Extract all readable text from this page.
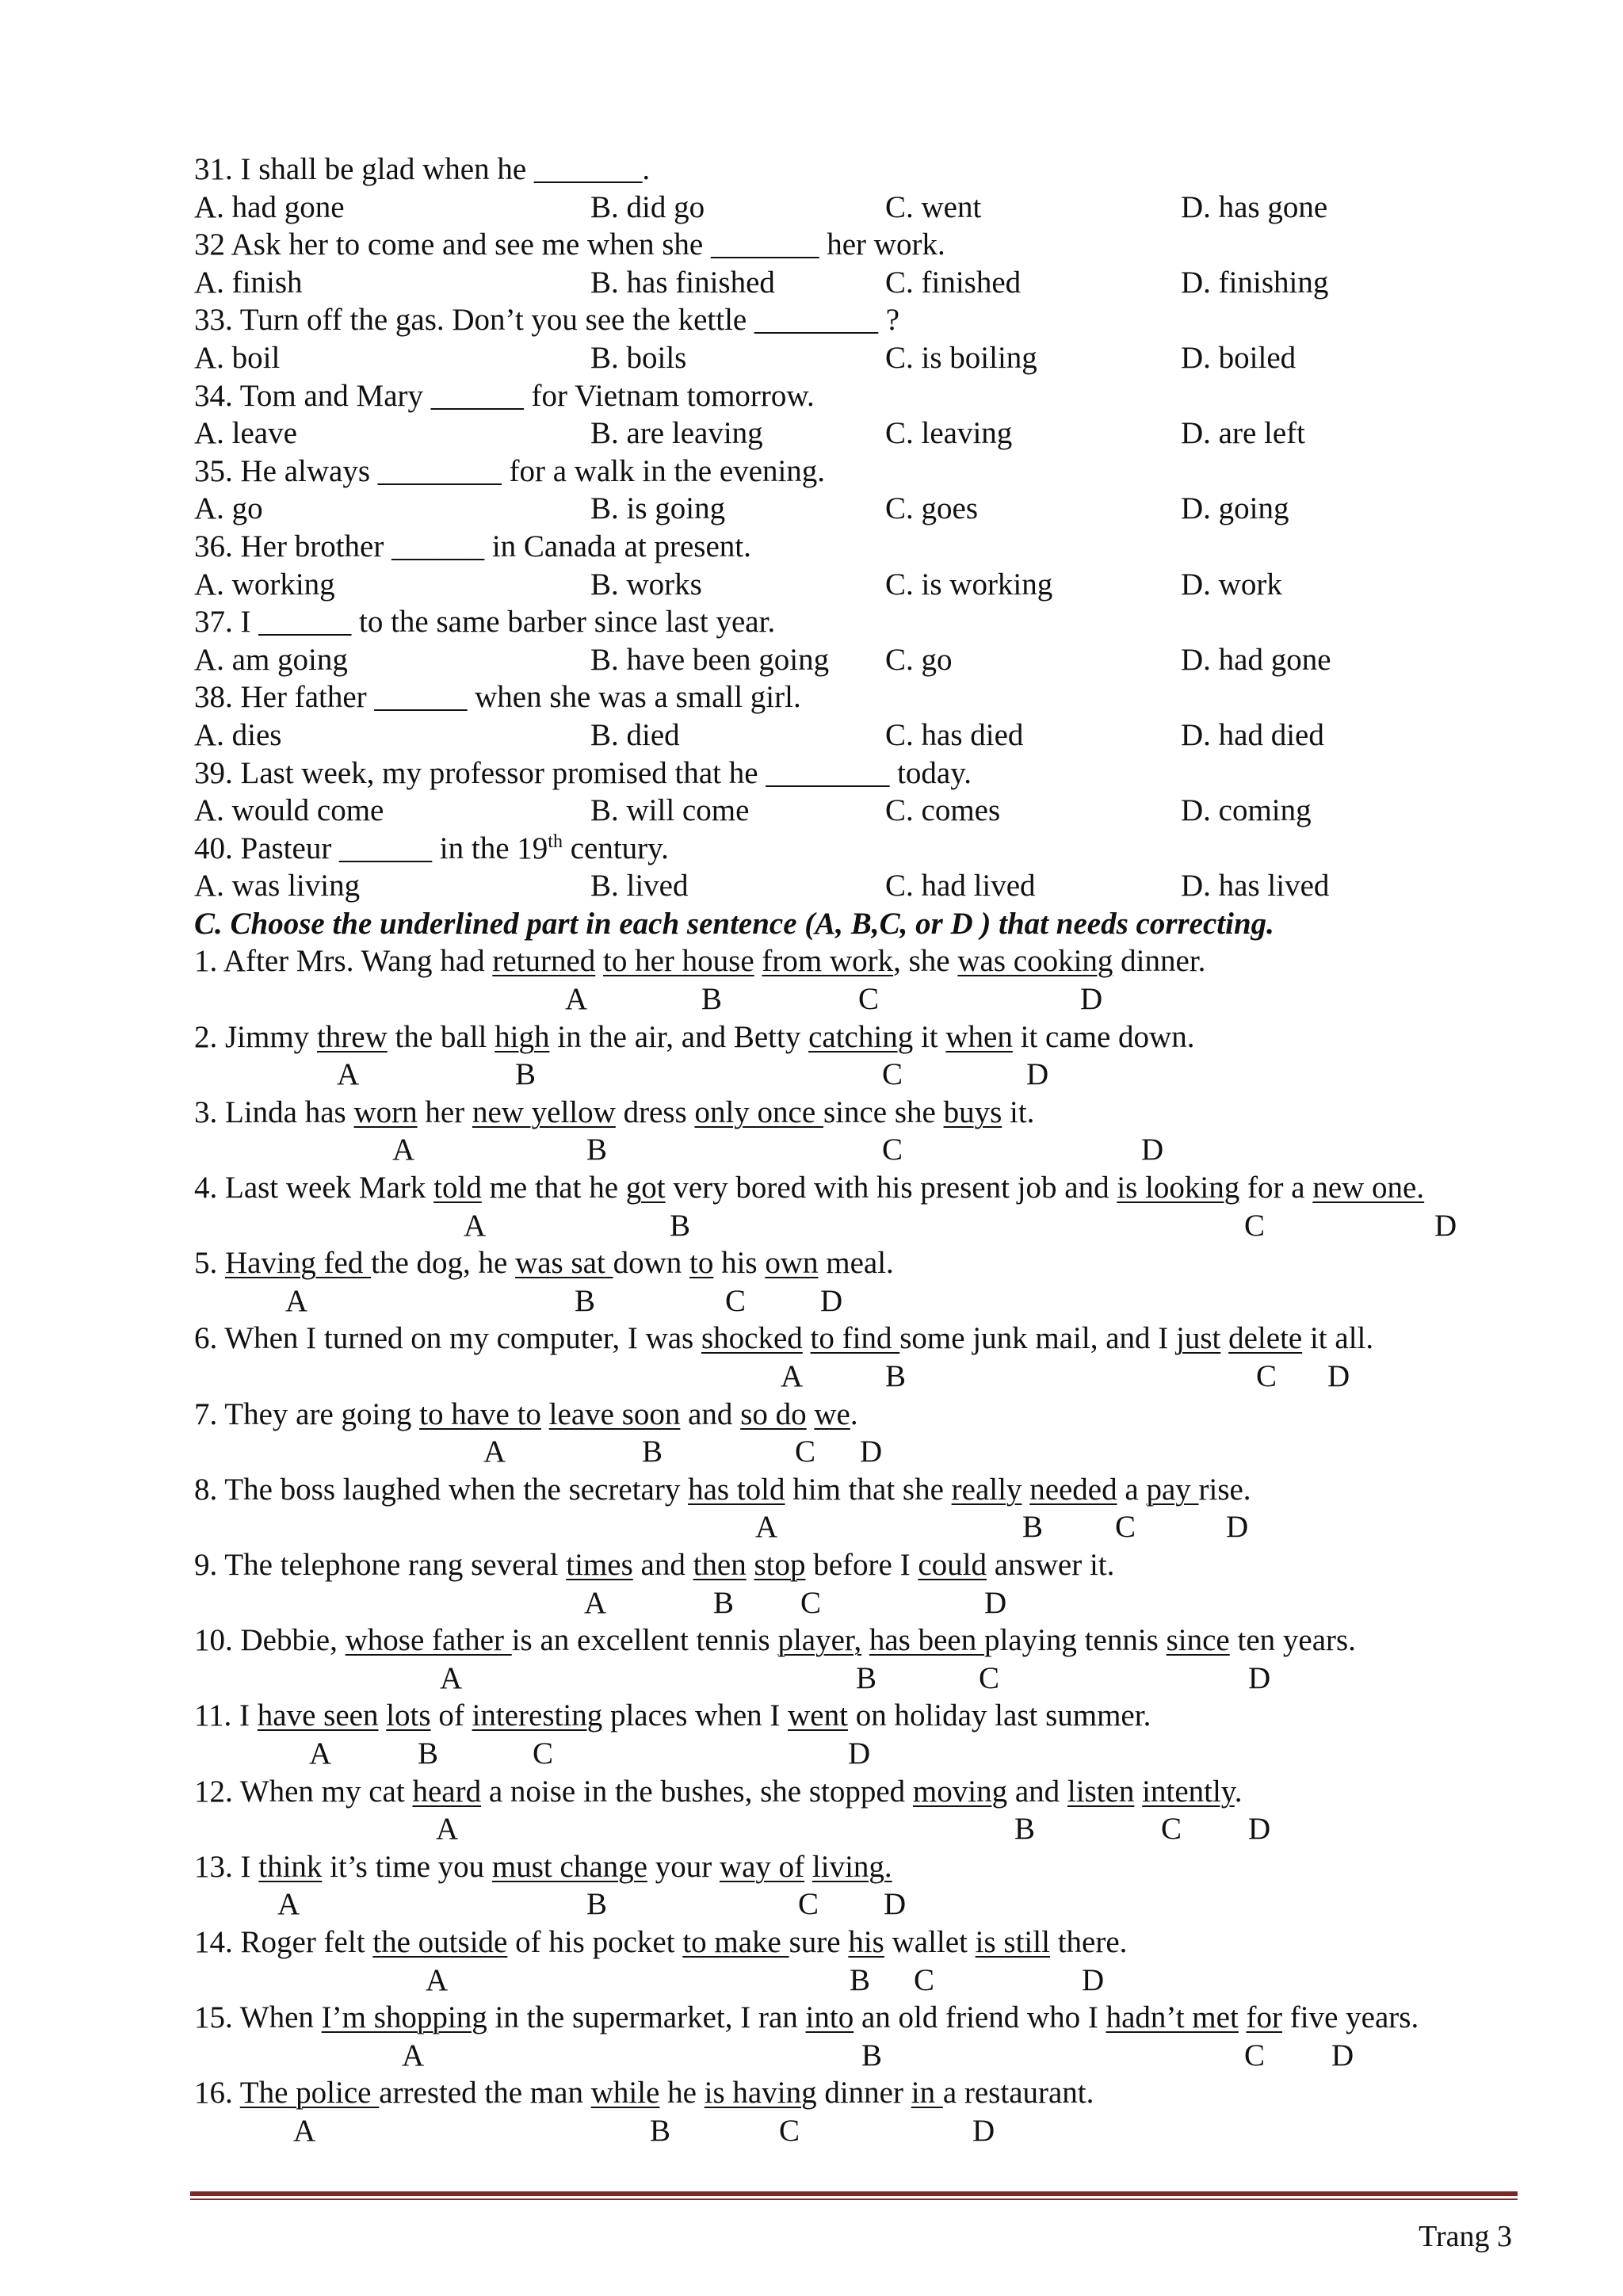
31. I shall be glad when he _______.
A. had gone	B. did go	C. went	D. has gone
32 Ask her to come and see me when she _______ her work.
A. finish	B. has finished	C. finished	D. finishing
33. Turn off the gas. Don’t you see the kettle ________ ?
A. boil	B. boils	C. is boiling	D. boiled
34. Tom and Mary ______ for Vietnam tomorrow.
A. leave	B. are leaving	C. leaving	D. are left
35. He always ________ for a walk in the evening.
A. go	B. is going	C. goes	D. going
36. Her brother ______ in Canada at present.
A. working	B. works	C. is working	D. work
37. I ______ to the same barber since last year.
A. am going	B. have been going C. go	D. had gone
38. Her father ______ when she was a small girl.
A. dies	B. died	C. has died	D. had died
39. Last week, my professor promised that he ________ today.
A. would come	B. will come	C. comes	D. coming
40. Pasteur ______ in the 19th century.
A. was living	B. lived	C. had lived	D. has lived
C. Choose the underlined part in each sentence (A, B,C, or D ) that needs correcting.
1. After Mrs. Wang had returned to her house from work, she was cooking dinner.
A	B	C	D
2. Jimmy threw the ball high in the air, and Betty catching it when it came down.
A	B	C	D
3. Linda has worn her new yellow dress only once since she buys it.
A	B	C	D
4. Last week Mark told me that he got very bored with his present job and is looking for a new one.
A	B	C	D
5. Having fed the dog, he was sat down to his own meal.
A	B	C D
6. When I turned on my computer, I was shocked to find some junk mail, and I just delete it all.
A	B	C D
7. They are going to have to leave soon and so do we.
A	B	C D
8. The boss laughed when the secretary has told him that she really needed a pay rise.
A	B C	D
9. The telephone rang several times and then stop before I could answer it.
A	B C	D
10. Debbie, whose father is an excellent tennis player, has been playing tennis since ten years.
A	B	C	D
11. I have seen lots of interesting places when I went on holiday last summer.
A	B	C	D
12. When my cat heard a noise in the bushes, she stopped moving and listen intently.
A	B	C D
13. I think it’s time you must change your way of living.
A	B	C D
14. Roger felt the outside of his pocket to make sure his wallet is still there.
A	B C	D
15. When I’m shopping in the supermarket, I ran into an old friend who I hadn’t met for five years.
A	B	C D
16. The police arrested the man while he is having dinner in a restaurant.
A	B	C	D
Trang 3
